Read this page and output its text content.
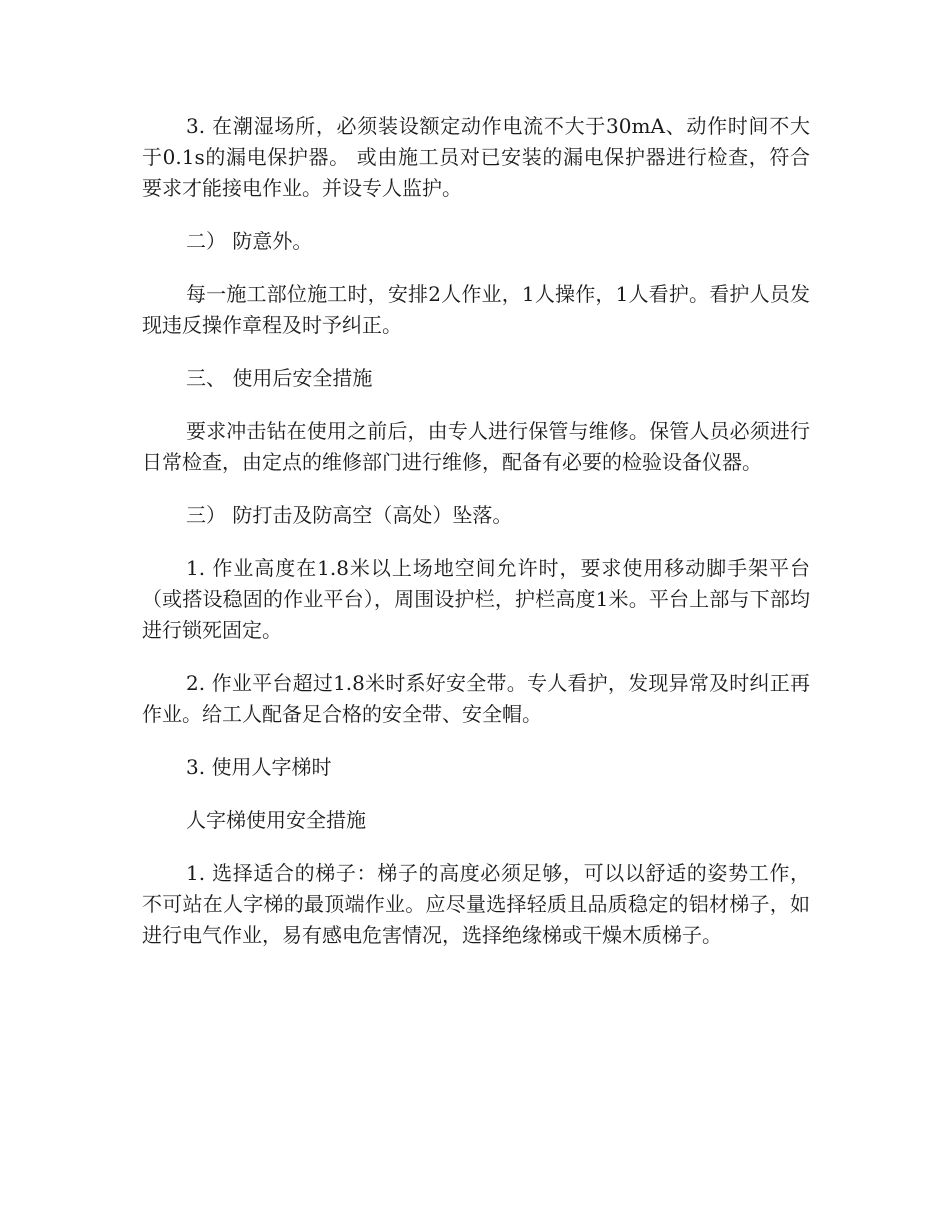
3. 在潮湿场所，必须装设额定动作电流不大于30mA、动作时间不大于0.1s的漏电保护器。 或由施工员对已安装的漏电保护器进行检查，符合要求才能接电作业。并设专人监护。

二） 防意外。

每一施工部位施工时，安排2人作业，1人操作，1人看护。看护人员发现违反操作章程及时予纠正。

三、 使用后安全措施

要求冲击钻在使用之前后，由专人进行保管与维修。保管人员必须进行日常检查，由定点的维修部门进行维修，配备有必要的检验设备仪器。

三） 防打击及防高空（高处）坠落。

1. 作业高度在1.8米以上场地空间允许时，要求使用移动脚手架平台（或搭设稳固的作业平台），周围设护栏，护栏高度1米。平台上部与下部均进行锁死固定。

2. 作业平台超过1.8米时系好安全带。专人看护，发现异常及时纠正再作业。给工人配备足合格的安全带、安全帽。

3. 使用人字梯时

人字梯使用安全措施

1. 选择适合的梯子：梯子的高度必须足够，可以以舒适的姿势工作，不可站在人字梯的最顶端作业。应尽量选择轻质且品质稳定的铝材梯子，如进行电气作业，易有感电危害情况，选择绝缘梯或干燥木质梯子。
